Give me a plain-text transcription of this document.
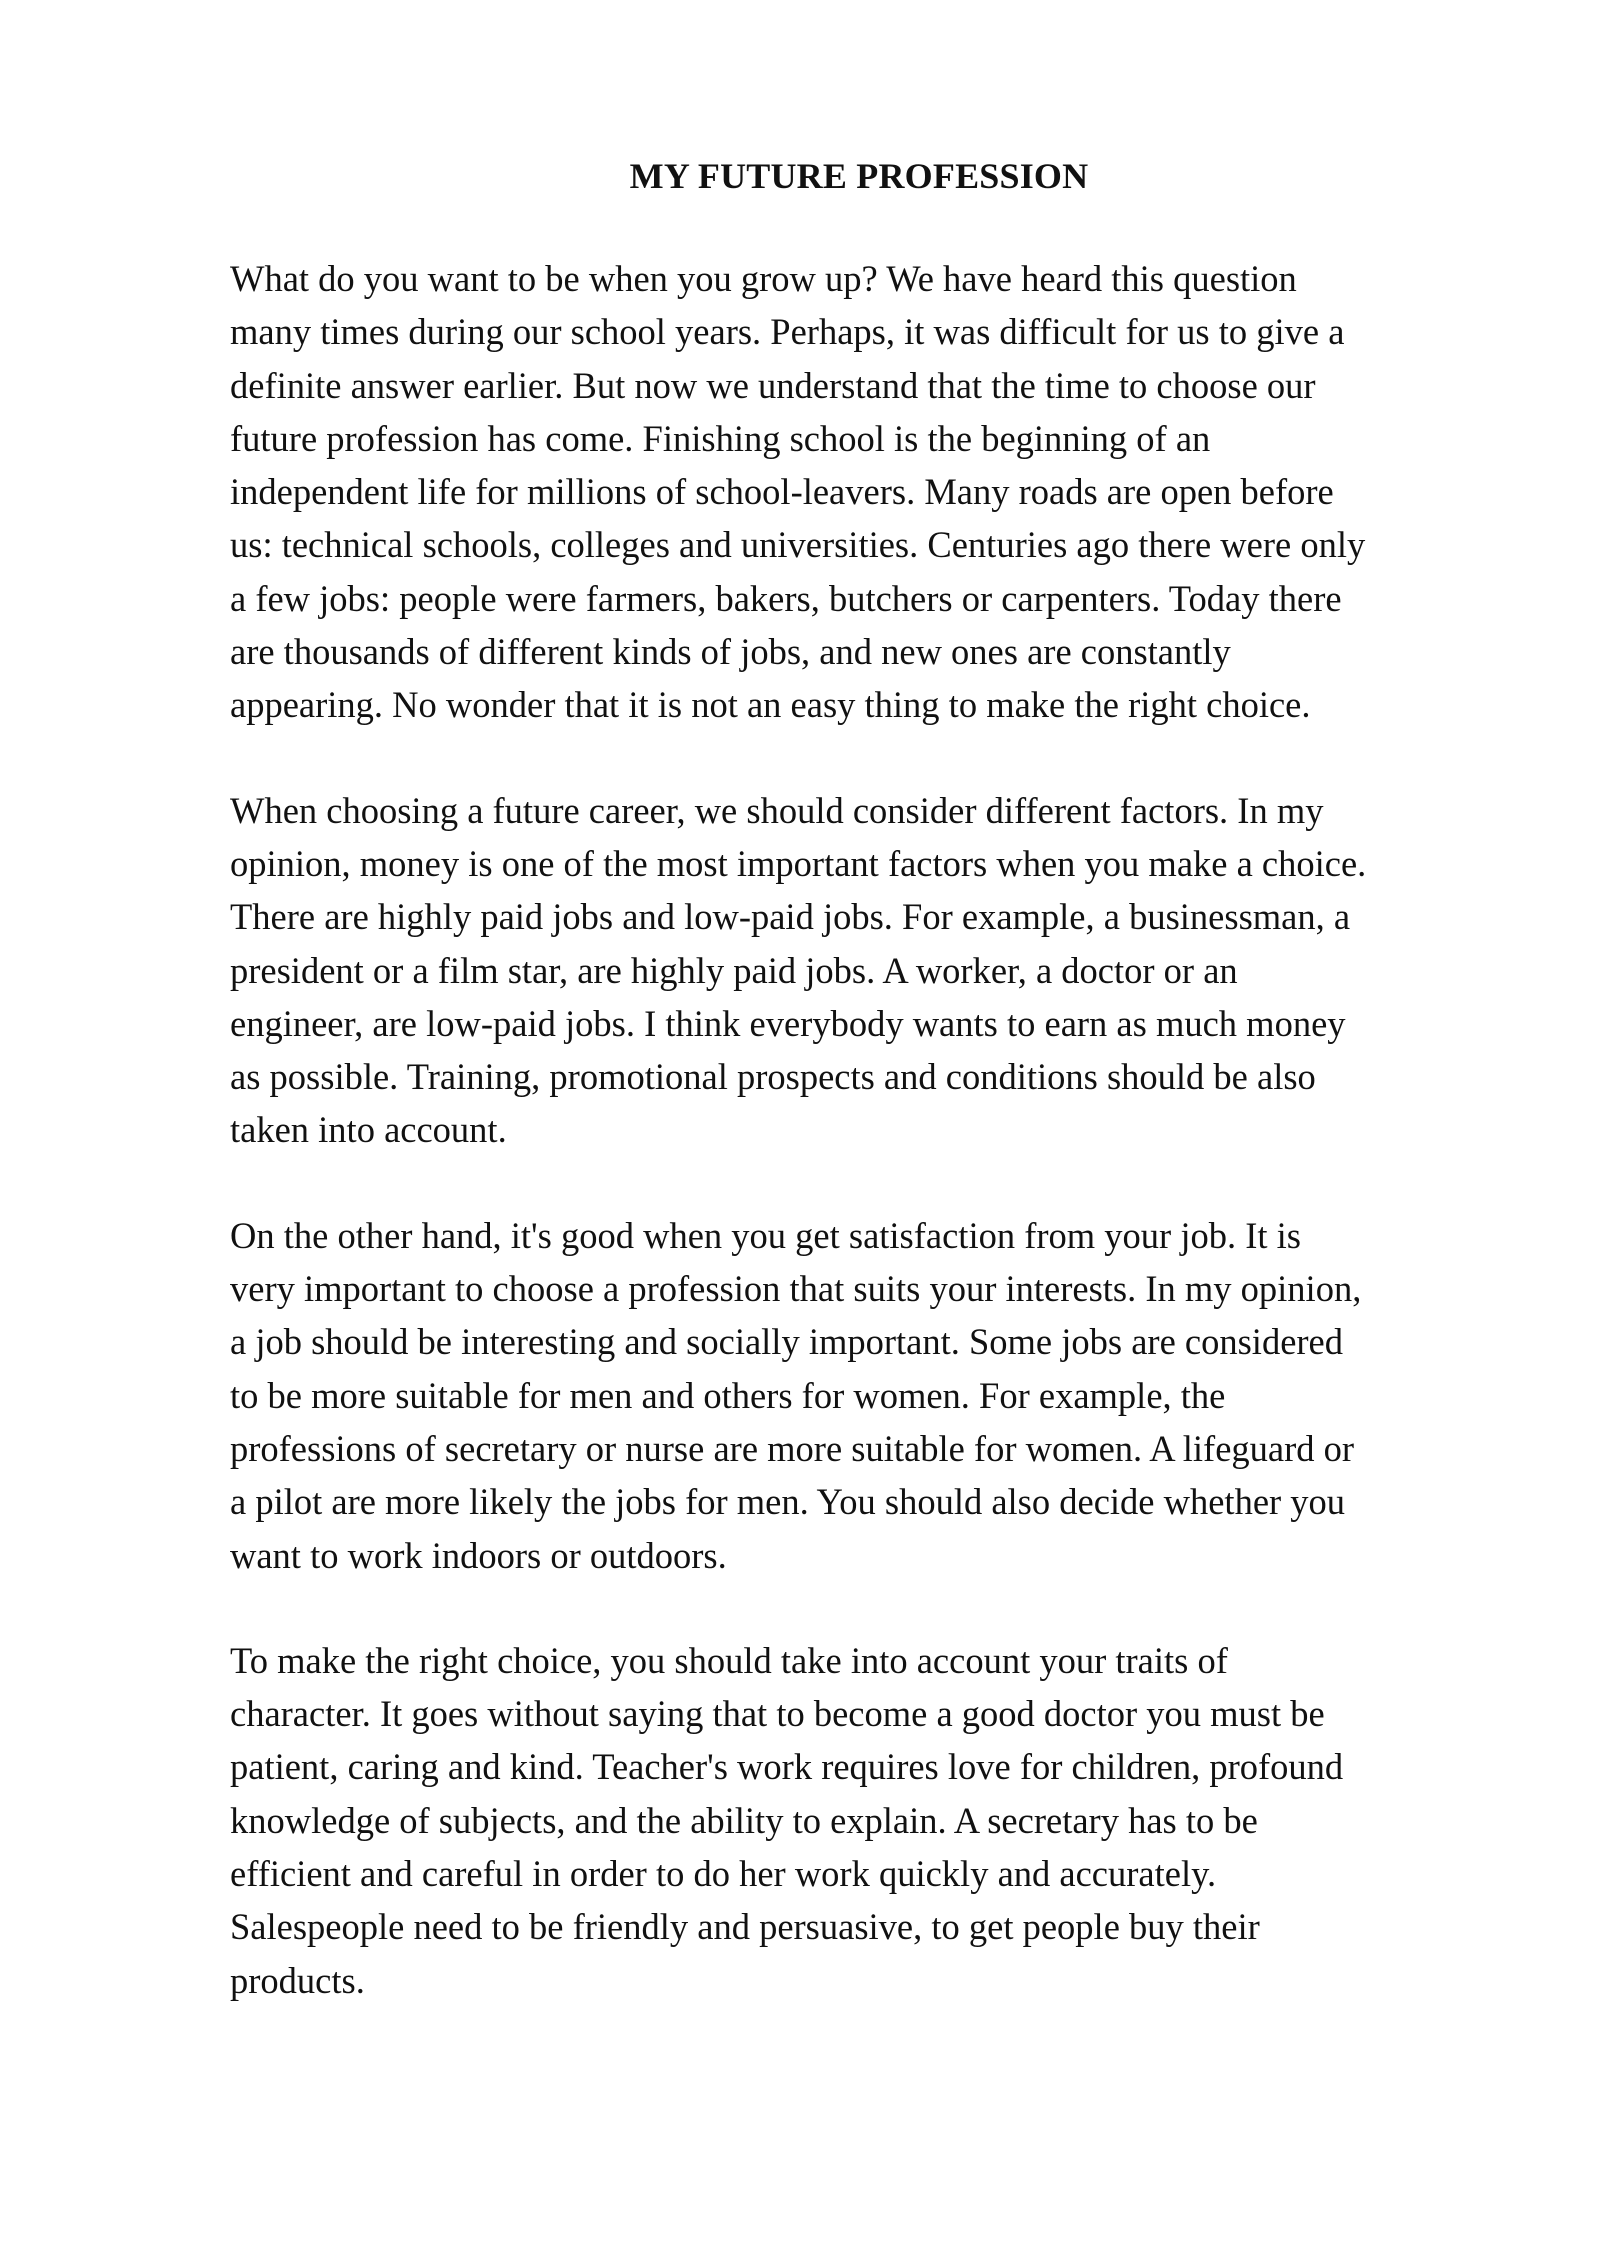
MY FUTURE PROFESSION

What do you want to be when you grow up? We have heard this question
many times during our school years. Perhaps, it was difficult for us to give a
definite answer earlier. But now we understand that the time to choose our
future profession has come. Finishing school is the beginning of an
independent life for millions of school-leavers. Many roads are open before
us: technical schools, colleges and universities. Centuries ago there were only
a few jobs: people were farmers, bakers, butchers or carpenters. Today there
are thousands of different kinds of jobs, and new ones are constantly
appearing. No wonder that it is not an easy thing to make the right choice.

When choosing a future career, we should consider different factors. In my
opinion, money is one of the most important factors when you make a choice.
There are highly paid jobs and low-paid jobs. For example, a businessman, a
president or a film star, are highly paid jobs. A worker, a doctor or an
engineer, are low-paid jobs. I think everybody wants to earn as much money
as possible. Training, promotional prospects and conditions should be also
taken into account.

On the other hand, it's good when you get satisfaction from your job. It is
very important to choose a profession that suits your interests. In my opinion,
a job should be interesting and socially important. Some jobs are considered
to be more suitable for men and others for women. For example, the
professions of secretary or nurse are more suitable for women. A lifeguard or
a pilot are more likely the jobs for men. You should also decide whether you
want to work indoors or outdoors.

To make the right choice, you should take into account your traits of
character. It goes without saying that to become a good doctor you must be
patient, caring and kind. Teacher's work requires love for children, profound
knowledge of subjects, and the ability to explain. A secretary has to be
efficient and careful in order to do her work quickly and accurately.
Salespeople need to be friendly and persuasive, to get people buy their
products.
